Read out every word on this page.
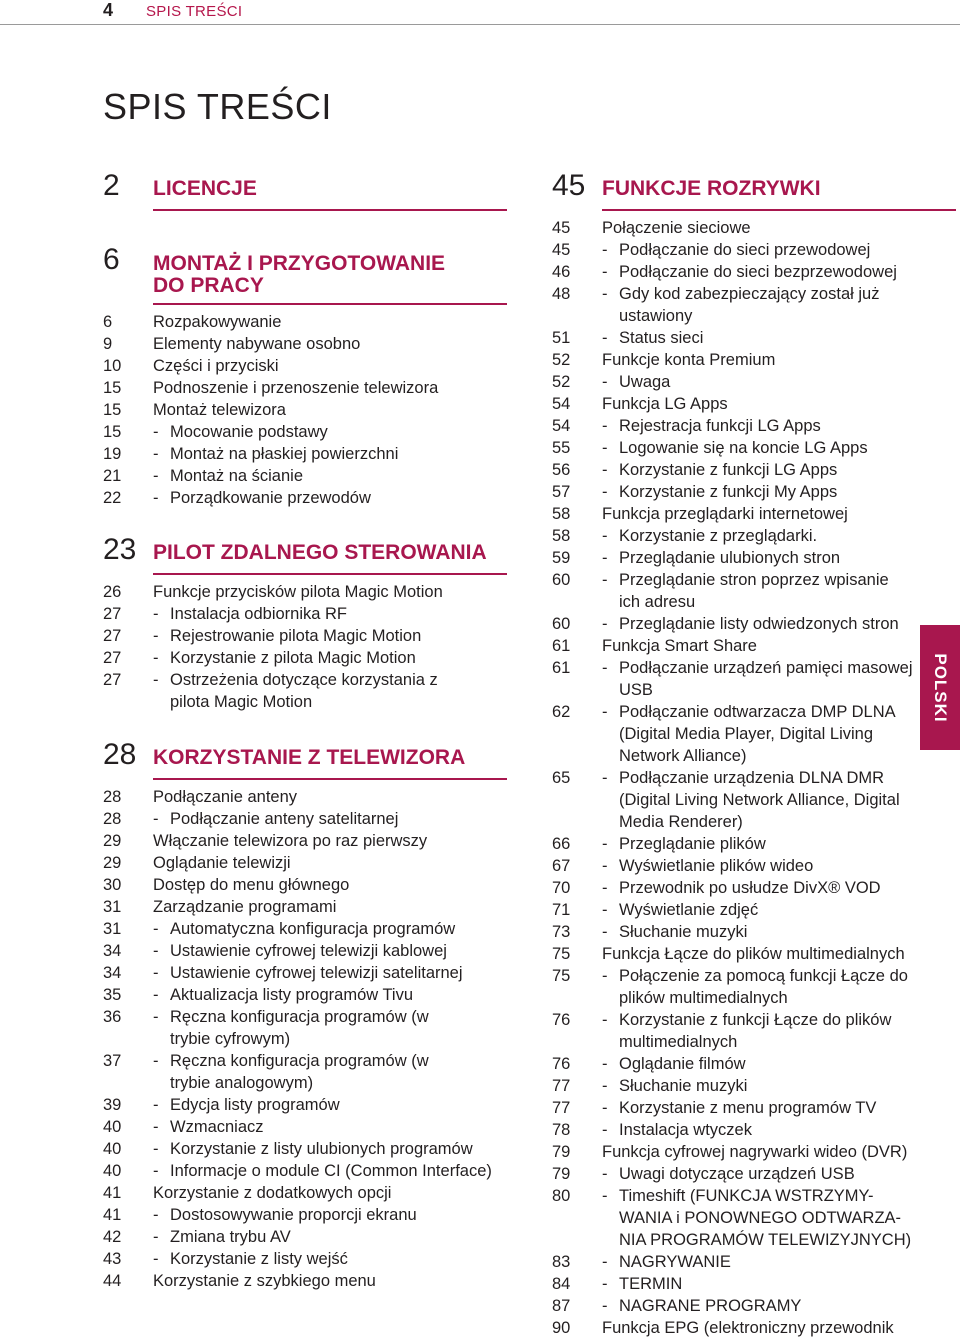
4 SPIS TREŚCI
SPIS TREŚCI
POLSKI
2 LICENCJE
6 MONTAŻ I PRZYGOTOWANIE
DO PRACY
6	Rozpakowywanie
9	Elementy nabywane osobno
10	Części i przyciski
15	Podnoszenie i przenoszenie telewizora
15	Montaż telewizora
15	- Mocowanie podstawy
19	- Montaż na płaskiej powierzchni
21	- Montaż na ścianie
22	- Porządkowanie przewodów
23 PILOT ZDALNEGO STEROWANIA
26	Funkcje przycisków pilota Magic Motion
27	- Instalacja odbiornika RF
27	- Rejestrowanie pilota Magic Motion
27	- Korzystanie z pilota Magic Motion
27	- Ostrzeżenia dotyczące korzystania z
pilota Magic Motion
28 KORZYSTANIE Z TELEWIZORA
28	Podłączanie anteny
28	- Podłączanie anteny satelitarnej
29	Włączanie telewizora po raz pierwszy
29	Oglądanie telewizji
30	Dostęp do menu głównego
31	Zarządzanie programami
31	- Automatyczna konfiguracja programów
34	- Ustawienie cyfrowej telewizji kablowej
34	- Ustawienie cyfrowej telewizji satelitarnej
35	- Aktualizacja listy programów Tivu
36	- Ręczna konfiguracja programów (w
trybie cyfrowym)
37	- Ręczna konfiguracja programów (w
trybie analogowym)
39	- Edycja listy programów
40	- Wzmacniacz
40	- Korzystanie z listy ulubionych programów
40	- Informacje o module CI (Common Interface)
41	Korzystanie z dodatkowych opcji
41	- Dostosowywanie proporcji ekranu
42	- Zmiana trybu AV
43	- Korzystanie z listy wejść
44	Korzystanie z szybkiego menu
45 FUNKCJE ROZRYWKI
45	Połączenie sieciowe
45	- Podłączanie do sieci przewodowej
46	- Podłączanie do sieci bezprzewodowej
48	- Gdy kod zabezpieczający został już
ustawiony
51	- Status sieci
52	Funkcje konta Premium
52	- Uwaga
54	Funkcja LG Apps
54	- Rejestracja funkcji LG Apps
55	- Logowanie się na koncie LG Apps
56	- Korzystanie z funkcji LG Apps
57	- Korzystanie z funkcji My Apps
58	Funkcja przeglądarki internetowej
58	- Korzystanie z przeglądarki.
59	- Przeglądanie ulubionych stron
60	- Przeglądanie stron poprzez wpisanie
ich adresu
60	- Przeglądanie listy odwiedzonych stron
61	Funkcja Smart Share
61	- Podłączanie urządzeń pamięci masowej
USB
62	- Podłączanie odtwarzacza DMP DLNA
(Digital Media Player, Digital Living
Network Alliance)
65	- Podłączanie urządzenia DLNA DMR
(Digital Living Network Alliance, Digital
Media Renderer)
66	- Przeglądanie plików
67	- Wyświetlanie plików wideo
70	- Przewodnik po usłudze DivX® VOD
71	- Wyświetlanie zdjęć
73	- Słuchanie muzyki
75	Funkcja Łącze do plików multimedialnych
75	- Połączenie za pomocą funkcji Łącze do
plików multimedialnych
76	- Korzystanie z funkcji Łącze do plików
multimedialnych
76	- Oglądanie filmów
77	- Słuchanie muzyki
77	- Korzystanie z menu programów TV
78	- Instalacja wtyczek
79	Funkcja cyfrowej nagrywarki wideo (DVR)
79	- Uwagi dotyczące urządzeń USB
80	- Timeshift (FUNKCJA WSTRZYMY-
WANIA i PONOWNEGO ODTWARZA-
NIA PROGRAMÓW TELEWIZYJNYCH)
83	- NAGRYWANIE
84	- TERMIN
87	- NAGRANE PROGRAMY
90	Funkcja EPG (elektroniczny przewodnik
